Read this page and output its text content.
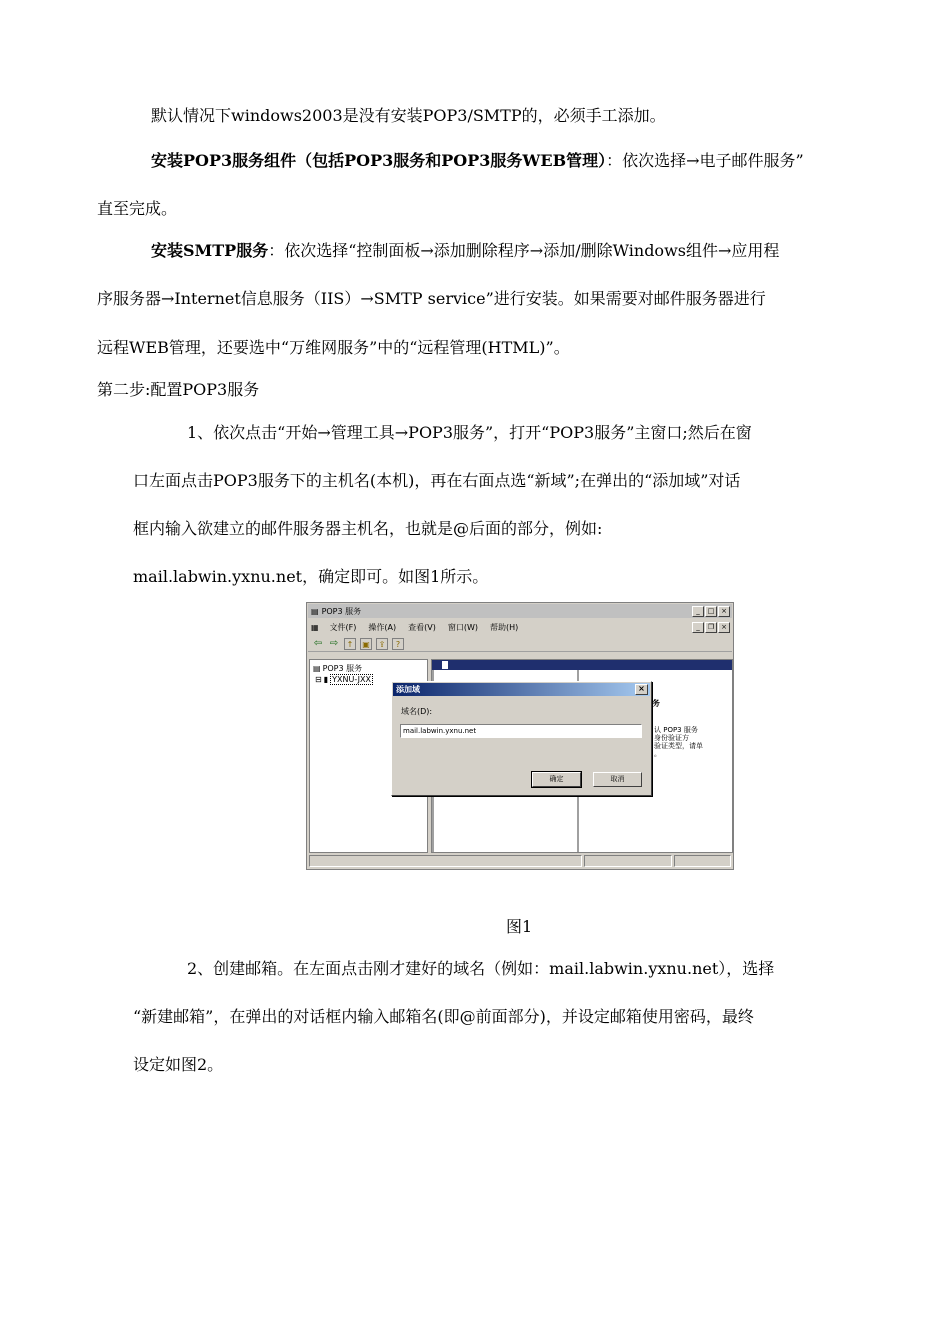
默认情况下windows2003是没有安装POP3/SMTP的，必须手工添加。
安装POP3服务组件（包括POP3服务和POP3服务WEB管理）：依次选择→电子邮件服务”
直至完成。
安装SMTP服务：依次选择“控制面板→添加删除程序→添加/删除Windows组件→应用程
序服务器→Internet信息服务（IIS）→SMTP service”进行安装。如果需要对邮件服务器进行
远程WEB管理，还要选中“万维网服务”中的“远程管理(HTML)”。
第二步:配置POP3服务
1、依次点击“开始→管理工具→POP3服务”，打开“POP3服务”主窗口;然后在窗
口左面点击POP3服务下的主机名(本机)，再在右面点选“新域”;在弹出的“添加域”对话
框内输入欲建立的邮件服务器主机名，也就是@后面的部分，例如:
mail.labwin.yxnu.net，确定即可。如图1所示。
▤ POP3 服务	_	□ ×
▦ 文件(F) 操作(A) 查看(V) 窗口(W) 帮助(H)	_	❐ ×
⇦ ⇨	↑	▣	⇪	?
▤ POP3 服务
⊟ ▮ YXNU-JXX
务
认 POP3 服务
身份验证方
验证类型，请单
。
添加域	×
域名(D):
mail.labwin.yxnu.net
确定	取消
图1
2、创建邮箱。在左面点击刚才建好的域名（例如：mail.labwin.yxnu.net），选择
“新建邮箱”，在弹出的对话框内输入邮箱名(即@前面部分)，并设定邮箱使用密码，最终
设定如图2。
